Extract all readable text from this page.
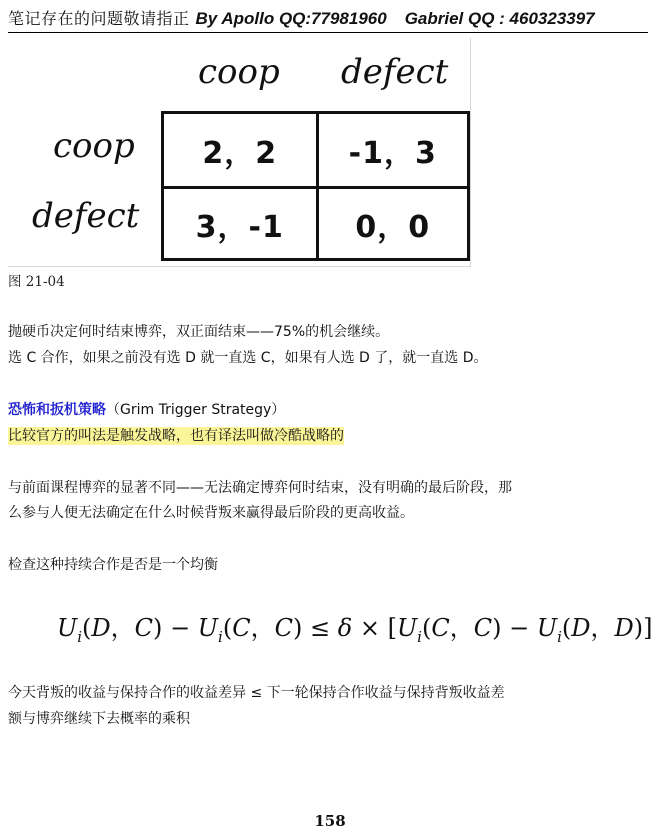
笔记存在的问题敬请指正 By Apollo QQ:77981960 Gabriel QQ : 460323397
coop defect
coop
defect
2，2	-1，3
3，-1	0，0
图 21-04
抛硬币决定何时结束博弈，双正面结束——75%的机会继续。
选 C 合作，如果之前没有选 D 就一直选 C，如果有人选 D 了，就一直选 D。
恐怖和扳机策略（Grim Trigger Strategy）
比较官方的叫法是触发战略，也有译法叫做冷酷战略的
与前面课程博弈的显著不同——无法确定博弈何时结束，没有明确的最后阶段，那
么参与人便无法确定在什么时候背叛来赢得最后阶段的更高收益。
检查这种持续合作是否是一个均衡
$U_i(D$，$C) - U_i(C$，$C) \le \delta \times [U_i(C$，$C) - U_i(D$，D)]
今天背叛的收益与保持合作的收益差异 ≤ 下一轮保持合作收益与保持背叛收益差
额与博弈继续下去概率的乘积
158
